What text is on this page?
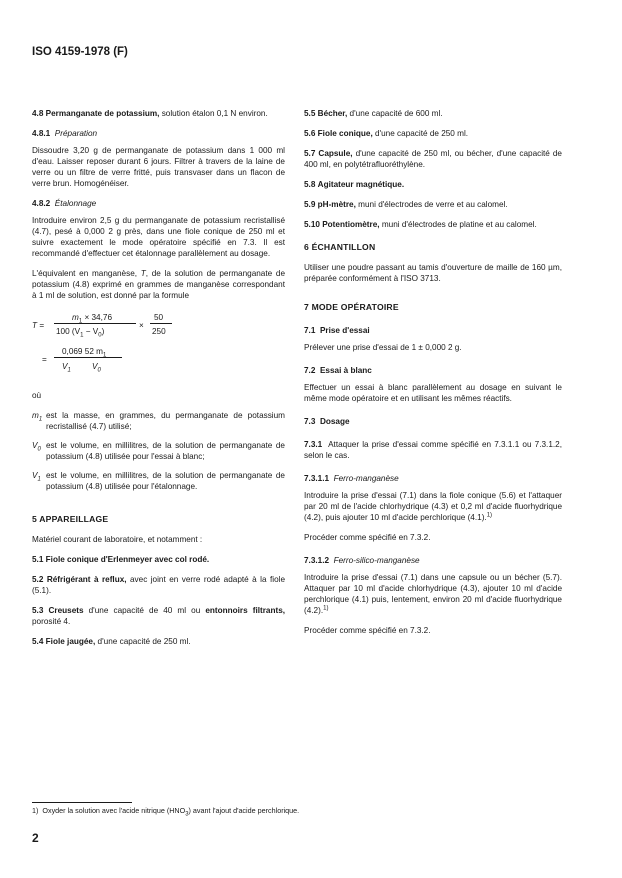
ISO 4159-1978 (F)

4.8 Permanganate de potassium, solution étalon 0,1 N environ.

4.8.1 Préparation

Dissoudre 3,20 g de permanganate de potassium dans 1 000 ml d'eau. Laisser reposer durant 6 jours. Filtrer à travers de la laine de verre ou un filtre de verre fritté, puis transvaser dans un flacon de verre brun. Homogénéiser.

4.8.2 Étalonnage

Introduire environ 2,5 g du permanganate de potassium recristallisé (4.7), pesé à 0,000 2 g près, dans une fiole conique de 250 ml et suivre exactement le mode opératoire spécifié en 7.3. Il est recommandé d'effectuer cet étalonnage parallèlement au dosage.

L'équivalent en manganèse, T, de la solution de permanganate de potassium (4.8) exprimé en grammes de manganèse correspondant à 1 ml de solution, est donné par la formule

T =
$m_1 \times 34,76$
100 $(V_1 - V_0)$
×
50
250
=
0,069 52 $m_1$
$V_1$	$V_0$

où

$m_1$ est la masse, en grammes, du permanganate de potassium recristallisé (4.7) utilisé;
$V_0$ est le volume, en millilitres, de la solution de permanganate de potassium (4.8) utilisée pour l'essai à blanc;
$V_1$ est le volume, en millilitres, de la solution de permanganate de potassium (4.8) utilisée pour l'étalonnage.
5 APPAREILLAGE

Matériel courant de laboratoire, et notamment :

5.1 Fiole conique d'Erlenmeyer avec col rodé.

5.2 Réfrigérant à reflux, avec joint en verre rodé adapté à la fiole (5.1).

5.3 Creusets d'une capacité de 40 ml ou entonnoirs filtrants, porosité 4.

5.4 Fiole jaugée, d'une capacité de 250 ml.

5.5 Bécher, d'une capacité de 600 ml.

5.6 Fiole conique, d'une capacité de 250 ml.

5.7 Capsule, d'une capacité de 250 ml, ou bécher, d'une capacité de 400 ml, en polytétrafluoréthylène.

5.8 Agitateur magnétique.

5.9 pH-mètre, muni d'électrodes de verre et au calomel.

5.10 Potentiomètre, muni d'électrodes de platine et au calomel.

6 ÉCHANTILLON

Utiliser une poudre passant au tamis d'ouverture de maille de 160 µm, préparée conformément à l'ISO 3713.

7 MODE OPÉRATOIRE
7.1 Prise d'essai

Prélever une prise d'essai de 1 ± 0,000 2 g.

7.2 Essai à blanc

Effectuer un essai à blanc parallèlement au dosage en suivant le même mode opératoire et en utilisant les mêmes réactifs.

7.3 Dosage

7.3.1 Attaquer la prise d'essai comme spécifié en 7.3.1.1 ou 7.3.1.2, selon le cas.

7.3.1.1 Ferro-manganèse

Introduire la prise d'essai (7.1) dans la fiole conique (5.6) et l'attaquer par 20 ml de l'acide chlorhydrique (4.3) et 0,2 ml d'acide fluorhydrique (4.2), puis ajouter 10 ml d'acide perchlorique (4.1).$^{1)}$

Procéder comme spécifié en 7.3.2.

7.3.1.2 Ferro-silico-manganèse

Introduire la prise d'essai (7.1) dans une capsule ou un bécher (5.7). Attaquer par 10 ml d'acide chlorhydrique (4.3), ajouter 10 ml d'acide perchlorique (4.1) puis, lentement, environ 20 ml d'acide fluorhydrique (4.2).$^{1)}$

Procéder comme spécifié en 7.3.2.

1) Oxyder la solution avec l'acide nitrique $(HNO_3)$ avant l'ajout d'acide perchlorique.
2
